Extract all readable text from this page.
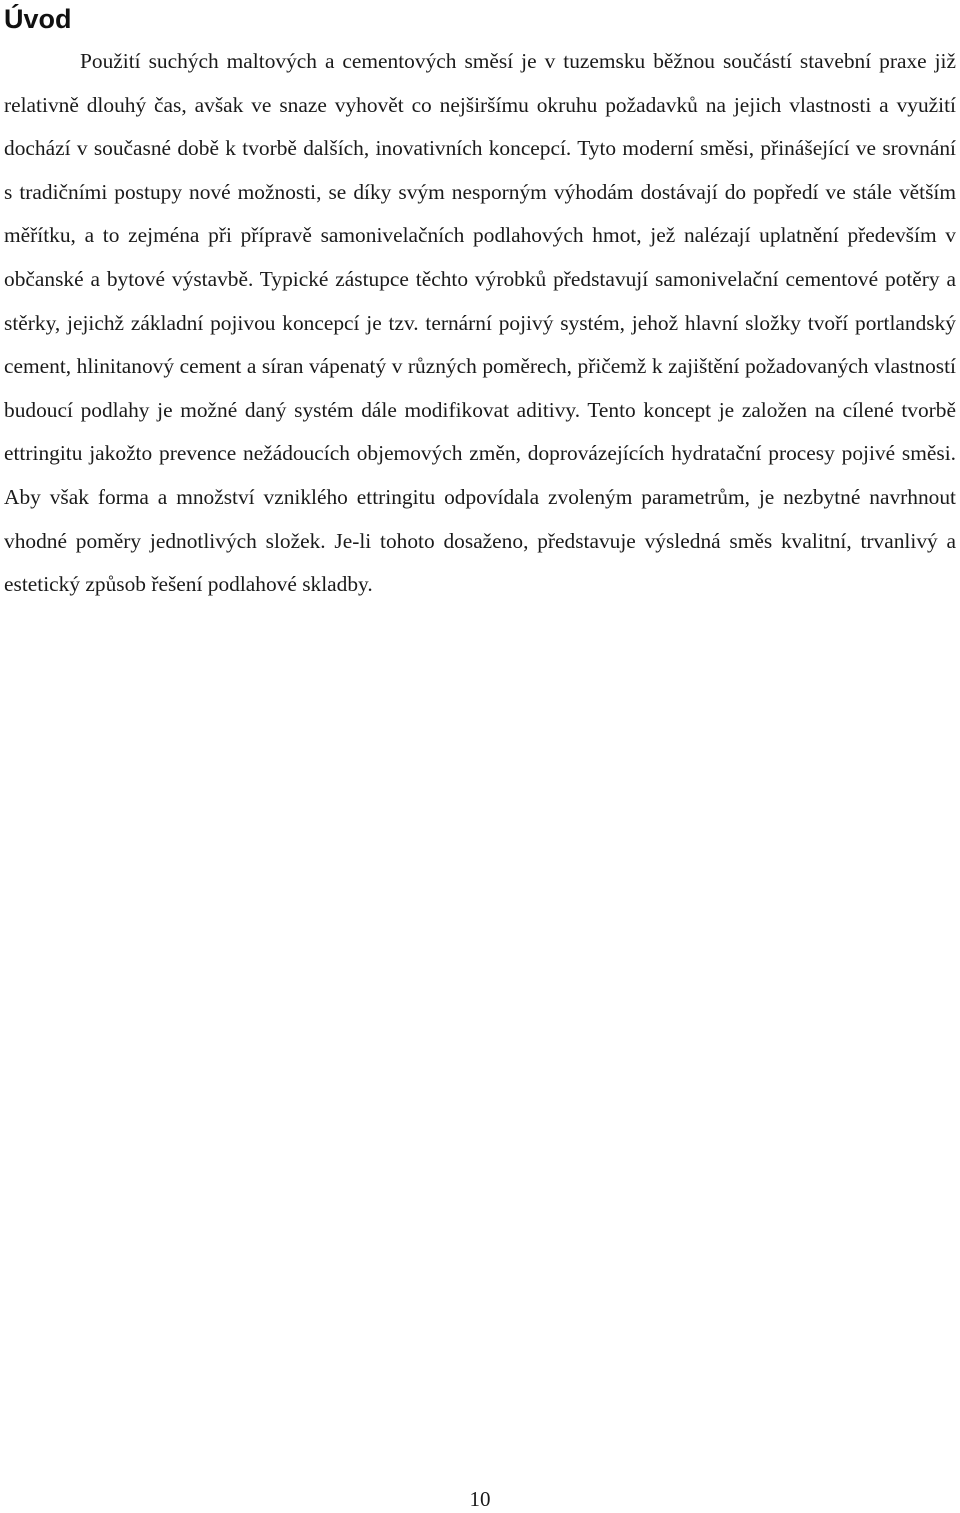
Úvod

Použití suchých maltových a cementových směsí je v tuzemsku běžnou součástí stavební praxe již relativně dlouhý čas, avšak ve snaze vyhovět co nejširšímu okruhu požadavků na jejich vlastnosti a využití dochází v současné době k tvorbě dalších, inovativních koncepcí. Tyto moderní směsi, přinášející ve srovnání s tradičními postupy nové možnosti, se díky svým nesporným výhodám dostávají do popředí ve stále větším měřítku, a to zejména při přípravě samonivelačních podlahových hmot, jež nalézají uplatnění především v občanské a bytové výstavbě. Typické zástupce těchto výrobků představují samonivelační cementové potěry a stěrky, jejichž základní pojivou koncepcí je tzv. ternární pojivý systém, jehož hlavní složky tvoří portlandský cement, hlinitanový cement a síran vápenatý v různých poměrech, přičemž k zajištění požadovaných vlastností budoucí podlahy je možné daný systém dále modifikovat aditivy. Tento koncept je založen na cílené tvorbě ettringitu jakožto prevence nežádoucích objemových změn, doprovázejících hydratační procesy pojivé směsi. Aby však forma a množství vzniklého ettringitu odpovídala zvoleným parametrům, je nezbytné navrhnout vhodné poměry jednotlivých složek. Je-li tohoto dosaženo, představuje výsledná směs kvalitní, trvanlivý a estetický způsob řešení podlahové skladby.

10
